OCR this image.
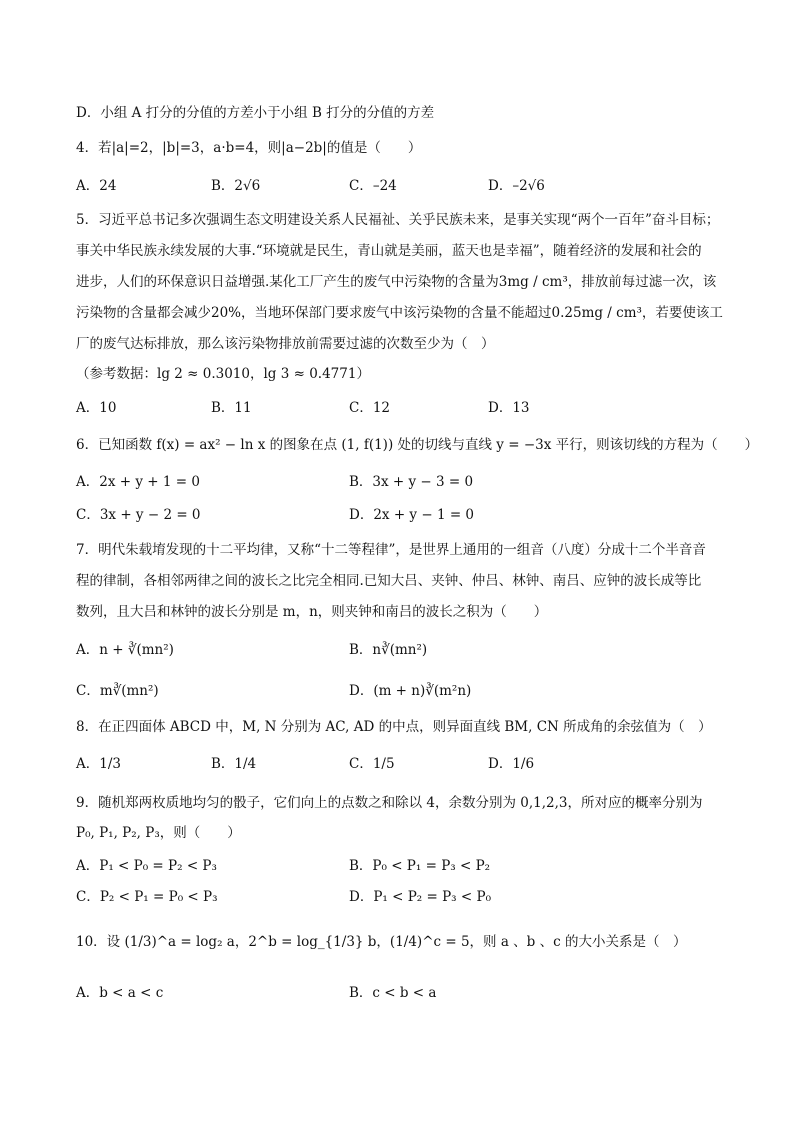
D．小组 A 打分的分值的方差小于小组 B 打分的分值的方差
4．若|a|=2，|b|=3，a·b=4，则|a−2b|的值是（　　）
A．24	B．2√6	C．–24	D．–2√6
5．习近平总书记多次强调生态文明建设关系人民福祉、关乎民族未来，是事关实现“两个一百年”奋斗目标；
事关中华民族永续发展的大事.“环境就是民生，青山就是美丽，蓝天也是幸福”，随着经济的发展和社会的
进步，人们的环保意识日益增强.某化工厂产生的废气中污染物的含量为3mg / cm³，排放前每过滤一次，该
污染物的含量都会减少20%，当地环保部门要求废气中该污染物的含量不能超过0.25mg / cm³，若要使该工
厂的废气达标排放，那么该污染物排放前需要过滤的次数至少为（　）
（参考数据：lg 2 ≈ 0.3010，lg 3 ≈ 0.4771）
A．10	B．11	C．12	D．13
6．已知函数 f(x) = ax² − ln x 的图象在点 (1, f(1)) 处的切线与直线 y = −3x 平行，则该切线的方程为（　　）
A．2x + y + 1 = 0	B．3x + y − 3 = 0
C．3x + y − 2 = 0	D．2x + y − 1 = 0
7．明代朱载堉发现的十二平均律，又称“十二等程律”，是世界上通用的一组音（八度）分成十二个半音音
程的律制，各相邻两律之间的波长之比完全相同.已知大吕、夹钟、仲吕、林钟、南吕、应钟的波长成等比
数列，且大吕和林钟的波长分别是 m，n，则夹钟和南吕的波长之积为（　　）
A．n + ∛(mn²)	B．n∛(mn²)
C．m∛(mn²)	D．(m + n)∛(m²n)
8．在正四面体 ABCD 中，M, N 分别为 AC, AD 的中点，则异面直线 BM, CN 所成角的余弦值为（　）
A．1/3	B．1/4	C．1/5	D．1/6
9．随机郑两枚质地均匀的骰子，它们向上的点数之和除以 4，余数分别为 0,1,2,3，所对应的概率分别为
P₀, P₁, P₂, P₃，则（　　）
A．P₁ < P₀ = P₂ < P₃	B．P₀ < P₁ = P₃ < P₂
C．P₂ < P₁ = P₀ < P₃	D．P₁ < P₂ = P₃ < P₀
10．设 (1/3)^a = log₂ a，2^b = log_{1/3} b，(1/4)^c = 5，则 a 、b 、c 的大小关系是（　）
A．b < a < c	B．c < b < a
